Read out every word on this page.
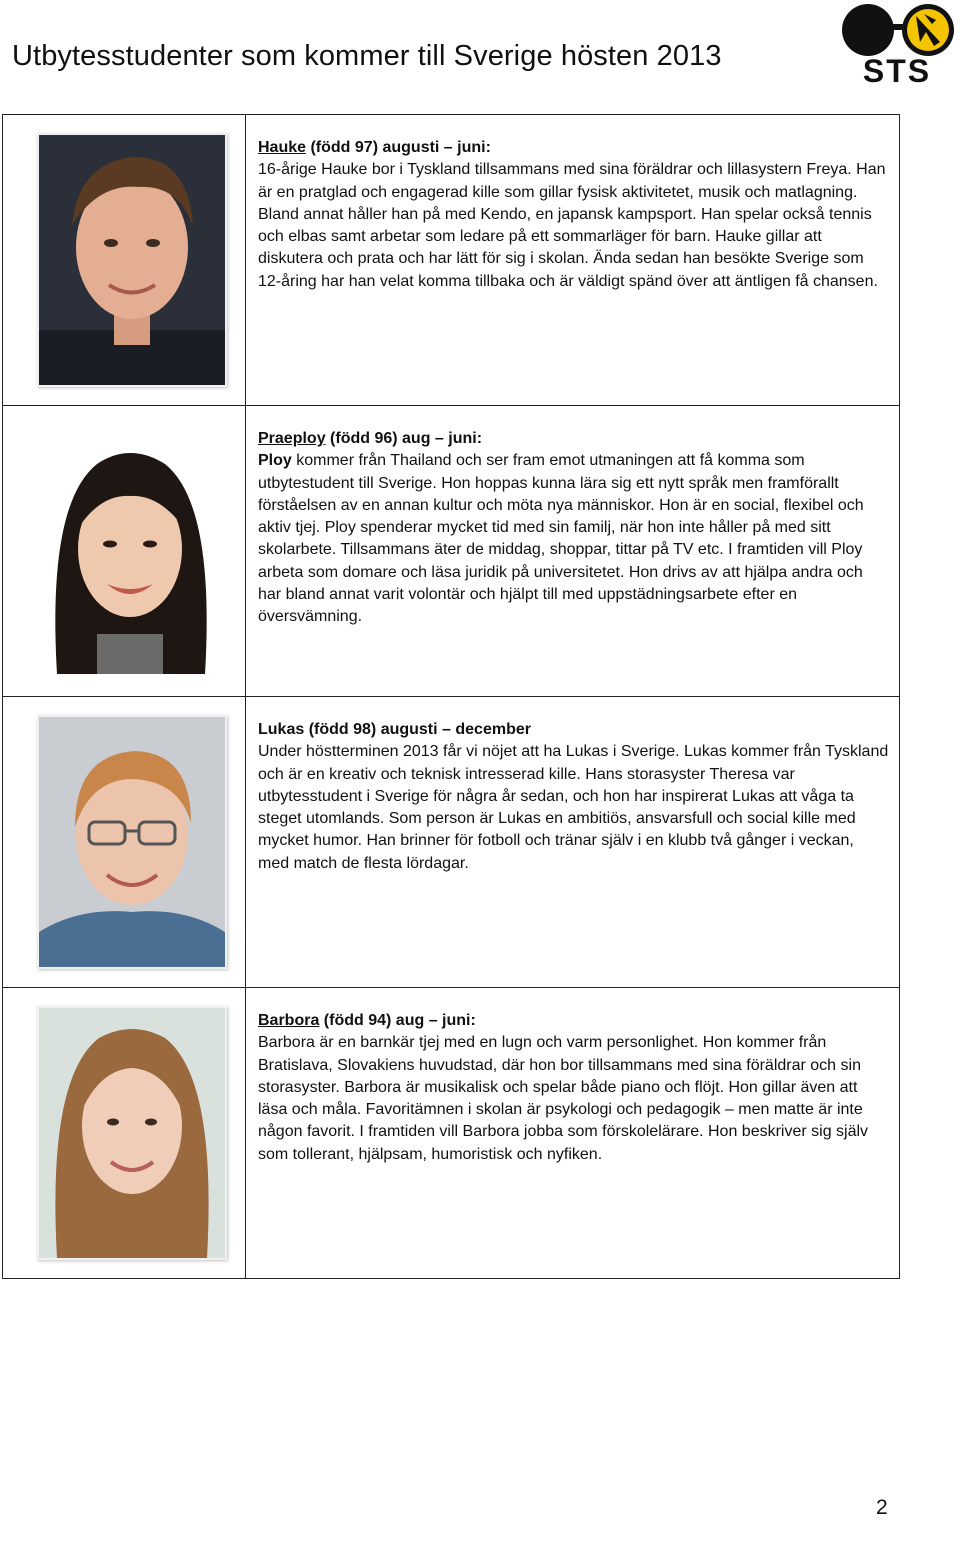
Utbytesstudenter som kommer till Sverige hösten 2013	STS

Hauke (född 97) augusti – juni:

16-årige Hauke bor i Tyskland tillsammans med sina föräldrar och lillasystern Freya. Han är en pratglad och engagerad kille som gillar fysisk aktivitetet, musik och matlagning. Bland annat håller han på med Kendo, en japansk kampsport. Han spelar också tennis och elbas samt arbetar som ledare på ett sommarläger för barn. Hauke gillar att diskutera och prata och har lätt för sig i skolan. Ända sedan han besökte Sverige som 12-åring har han velat komma tillbaka och är väldigt spänd över att äntligen få chansen.

Praeploy (född 96) aug – juni:

Ploy kommer från Thailand och ser fram emot utmaningen att få komma som utbytestudent till Sverige. Hon hoppas kunna lära sig ett nytt språk men framförallt förståelsen av en annan kultur och möta nya människor. Hon är en social, flexibel och aktiv tjej. Ploy spenderar mycket tid med sin familj, när hon inte håller på med sitt skolarbete. Tillsammans äter de middag, shoppar, tittar på TV etc. I framtiden vill Ploy arbeta som domare och läsa juridik på universitetet. Hon drivs av att hjälpa andra och har bland annat varit volontär och hjälpt till med uppstädningsarbete efter en översvämning.

Lukas (född 98) augusti – december

Under höstterminen 2013 får vi nöjet att ha Lukas i Sverige. Lukas kommer från Tyskland och är en kreativ och teknisk intresserad kille. Hans storasyster Theresa var utbytesstudent i Sverige för några år sedan, och hon har inspirerat Lukas att våga ta steget utomlands. Som person är Lukas en ambitiös, ansvarsfull och social kille med mycket humor. Han brinner för fotboll och tränar själv i en klubb två gånger i veckan, med match de flesta lördagar.

Barbora (född 94) aug – juni:

Barbora är en barnkär tjej med en lugn och varm personlighet. Hon kommer från Bratislava, Slovakiens huvudstad, där hon bor tillsammans med sina föräldrar och sin storasyster. Barbora är musikalisk och spelar både piano och flöjt. Hon gillar även att läsa och måla. Favoritämnen i skolan är psykologi och pedagogik – men matte är inte någon favorit. I framtiden vill Barbora jobba som förskolelärare. Hon beskriver sig själv som tollerant, hjälpsam, humoristisk och nyfiken.

2
